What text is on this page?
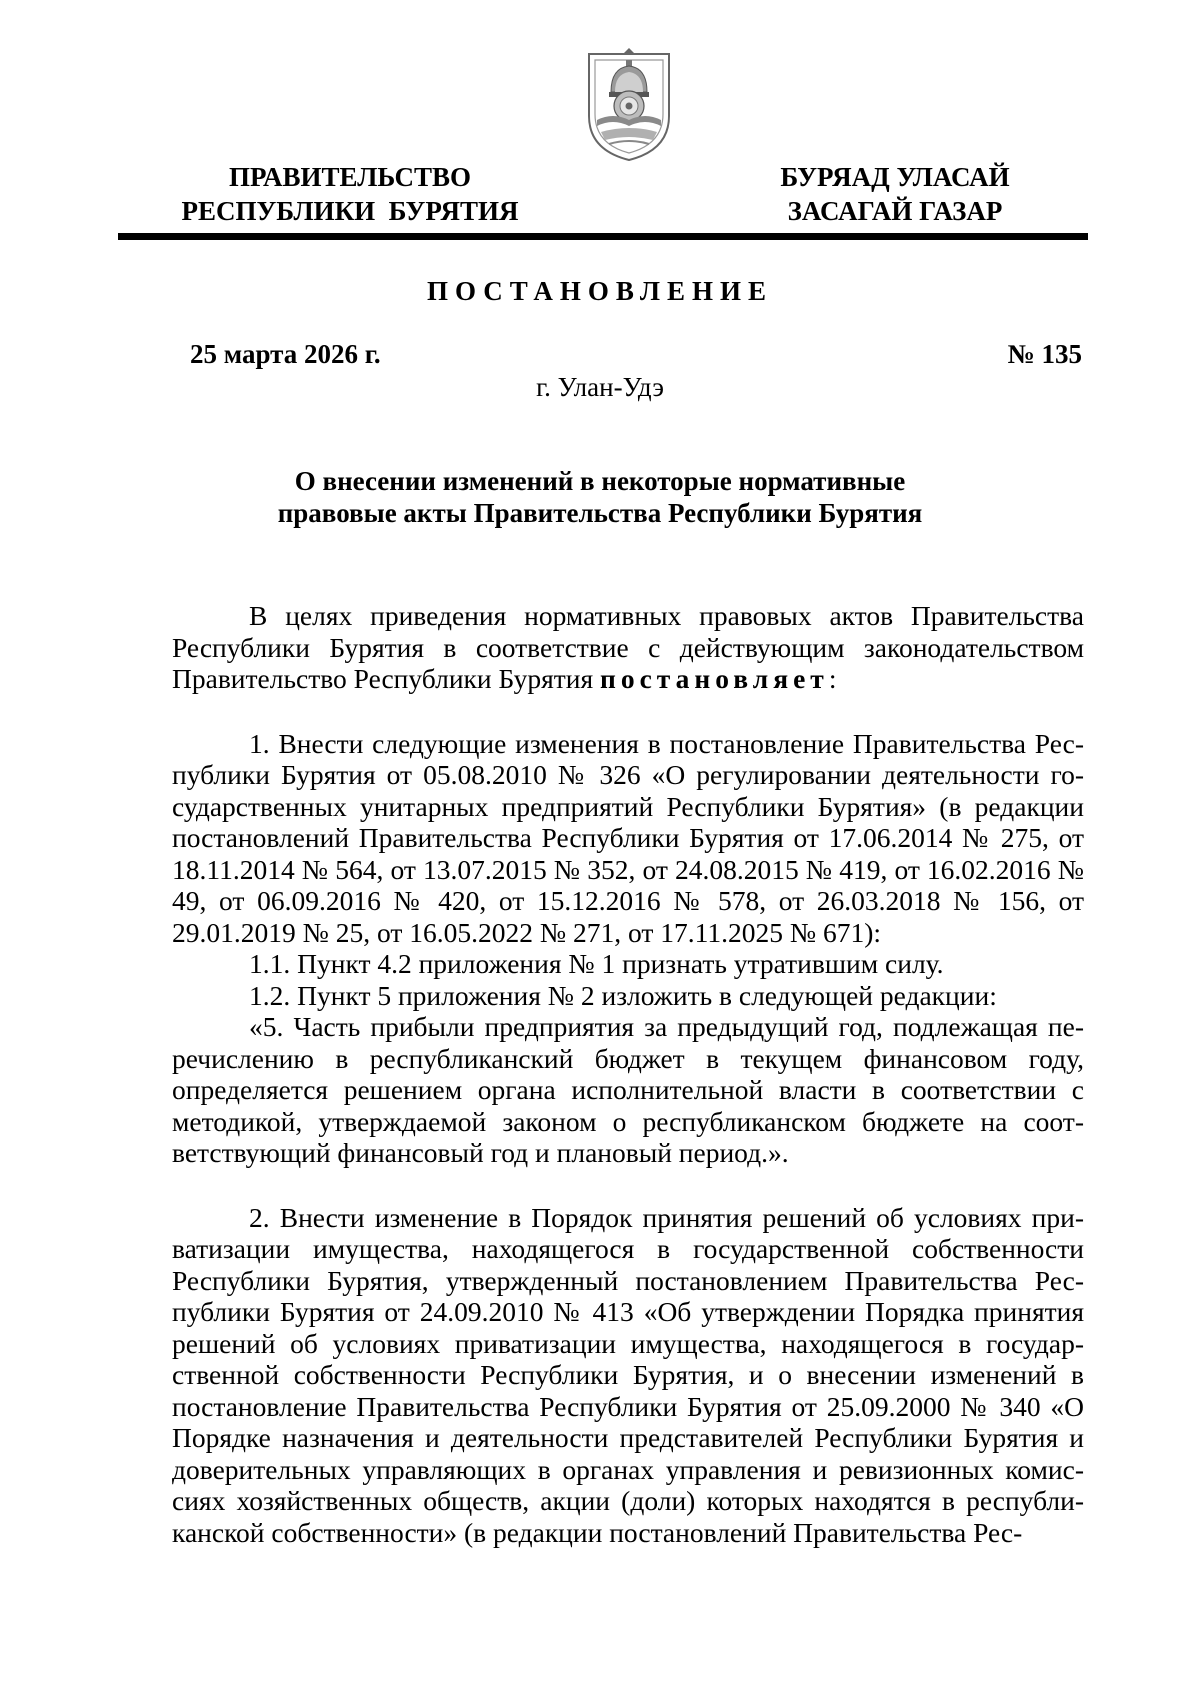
ПРАВИТЕЛЬСТВО
РЕСПУБЛИКИ  БУРЯТИЯ
БУРЯАД УЛАСАЙ
ЗАСАГАЙ ГАЗАР
ПОСТАНОВЛЕНИЕ
25 марта 2026 г.	№ 135
г. Улан-Удэ
О внесении изменений в некоторые нормативные
правовые акты Правительства Республики Бурятия

В целях приведения нормативных правовых актов Правительства Республики Бурятия в соответствие с действующим законодательством Правительство Республики Бурятия постановляет:

1. Внести следующие изменения в постановление Правительства Республики Бурятия от 05.08.2010 № 326 «О регулировании деятельности государственных унитарных предприятий Республики Бурятия» (в редакции постановлений Правительства Республики Бурятия от 17.06.2014 № 275, от 18.11.2014 № 564, от 13.07.2015 № 352, от 24.08.2015 № 419, от 16.02.2016 № 49, от 06.09.2016 № 420, от 15.12.2016 № 578, от 26.03.2018 № 156, от 29.01.2019 № 25, от 16.05.2022 № 271, от 17.11.2025 № 671):

1.1. Пункт 4.2 приложения № 1 признать утратившим силу.

1.2. Пункт 5 приложения № 2 изложить в следующей редакции:

«5. Часть прибыли предприятия за предыдущий год, подлежащая перечислению в республиканский бюджет в текущем финансовом году, определяется решением органа исполнительной власти в соответствии с методикой, утверждаемой законом о республиканском бюджете на соответствующий финансовый год и плановый период.».

2. Внести изменение в Порядок принятия решений об условиях приватизации имущества, находящегося в государственной собственности Республики Бурятия, утвержденный постановлением Правительства Республики Бурятия от 24.09.2010 № 413 «Об утверждении Порядка принятия решений об условиях приватизации имущества, находящегося в государственной собственности Республики Бурятия, и о внесении изменений в постановление Правительства Республики Бурятия от 25.09.2000 № 340 «О Порядке назначения и деятельности представителей Республики Бурятия и доверительных управляющих в органах управления и ревизионных комиссиях хозяйственных обществ, акции (доли) которых находятся в республиканской собственности» (в редакции постановлений Правительства Рес-
